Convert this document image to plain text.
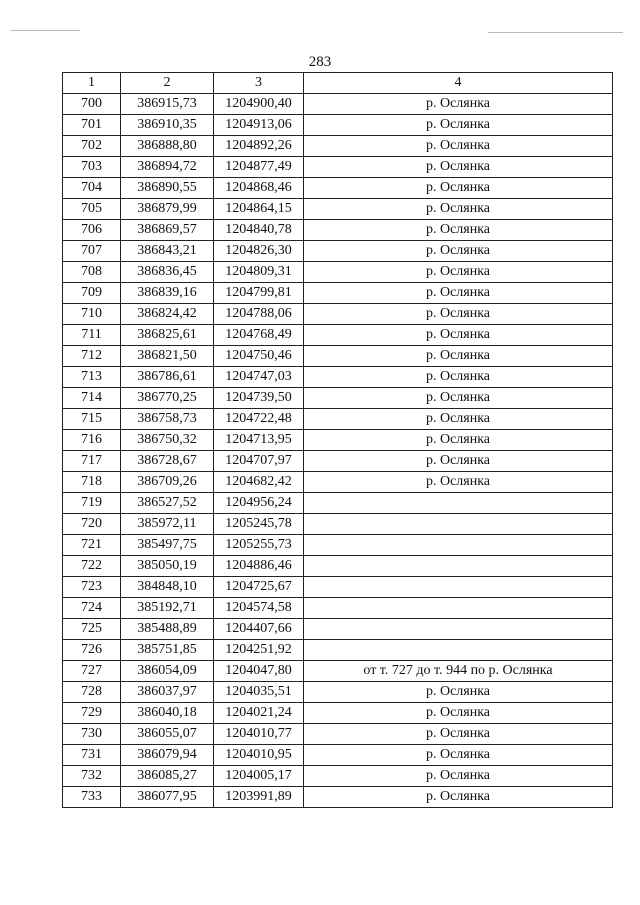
283
1	2	3	4
700	386915,73	1204900,40	р. Ослянка
701	386910,35	1204913,06	р. Ослянка
702	386888,80	1204892,26	р. Ослянка
703	386894,72	1204877,49	р. Ослянка
704	386890,55	1204868,46	р. Ослянка
705	386879,99	1204864,15	р. Ослянка
706	386869,57	1204840,78	р. Ослянка
707	386843,21	1204826,30	р. Ослянка
708	386836,45	1204809,31	р. Ослянка
709	386839,16	1204799,81	р. Ослянка
710	386824,42	1204788,06	р. Ослянка
711	386825,61	1204768,49	р. Ослянка
712	386821,50	1204750,46	р. Ослянка
713	386786,61	1204747,03	р. Ослянка
714	386770,25	1204739,50	р. Ослянка
715	386758,73	1204722,48	р. Ослянка
716	386750,32	1204713,95	р. Ослянка
717	386728,67	1204707,97	р. Ослянка
718	386709,26	1204682,42	р. Ослянка
719	386527,52	1204956,24	
720	385972,11	1205245,78	
721	385497,75	1205255,73	
722	385050,19	1204886,46	
723	384848,10	1204725,67	
724	385192,71	1204574,58	
725	385488,89	1204407,66	
726	385751,85	1204251,92	
727	386054,09	1204047,80	от т. 727 до т. 944 по р. Ослянка
728	386037,97	1204035,51	р. Ослянка
729	386040,18	1204021,24	р. Ослянка
730	386055,07	1204010,77	р. Ослянка
731	386079,94	1204010,95	р. Ослянка
732	386085,27	1204005,17	р. Ослянка
733	386077,95	1203991,89	р. Ослянка
